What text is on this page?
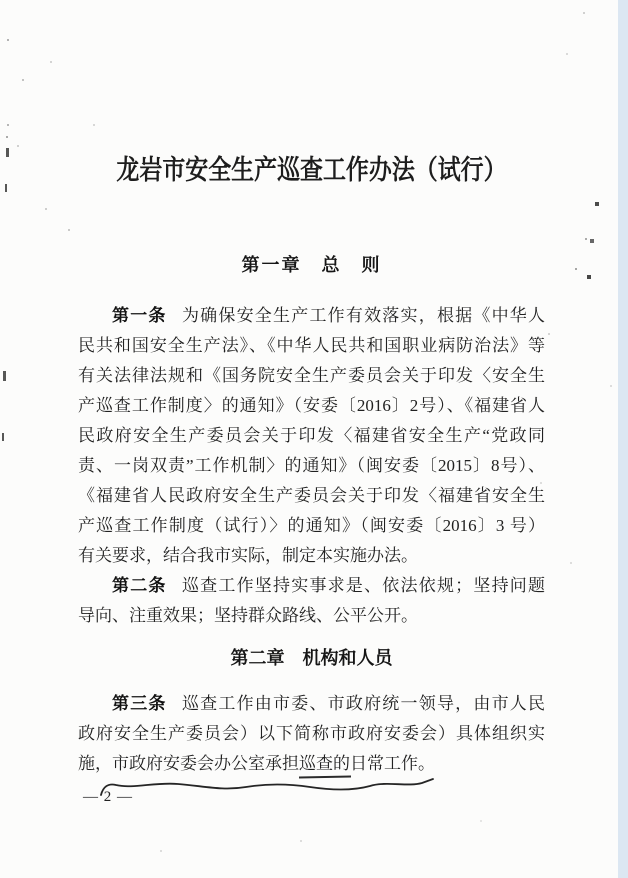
龙岩市安全生产巡查工作办法（试行）
第一章　总　则
第一条 为确保安全生产工作有效落实，根据《中华人
民共和国安全生产法》、《中华人民共和国职业病防治法》等
有关法律法规和《国务院安全生产委员会关于印发〈安全生
产巡查工作制度〉的通知》（安委〔2016〕2号）、《福建省人
民政府安全生产委员会关于印发〈福建省安全生产“党政同
责、一岗双责”工作机制〉的通知》（闽安委〔2015〕8号）、
《福建省人民政府安全生产委员会关于印发〈福建省安全生
产巡查工作制度（试行）〉的通知》（闽安委〔2016〕3 号）
有关要求，结合我市实际，制定本实施办法。
第二条 巡查工作坚持实事求是、依法依规；坚持问题
导向、注重效果；坚持群众路线、公平公开。
第二章　机构和人员
第三条 巡查工作由市委、市政府统一领导，由市人民
政府安全生产委员会）以下简称市政府安委会）具体组织实
施，市政府安委会办公室承担巡查的日常工作。
— 2 —
